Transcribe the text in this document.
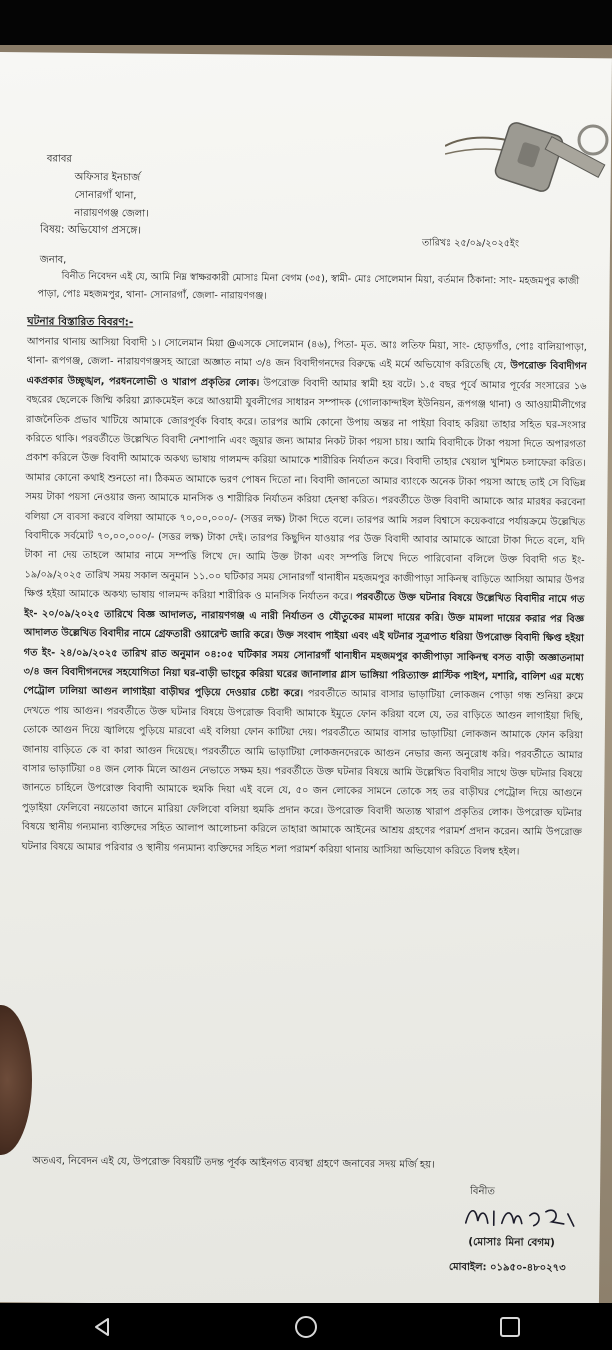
বরাবর
অফিসার ইনচার্জ
সোনারগাঁ থানা,
নারায়ণগঞ্জ জেলা।
তারিখঃ ২৫/০৯/২০২৫ইং
বিষয়: অভিযোগ প্রসঙ্গে।
জনাব,
বিনীত নিবেদন এই যে, আমি নিম্ন স্বাক্ষরকারী মোসাঃ মিনা বেগম (৩৫), স্বামী- মোঃ সোলেমান মিয়া, বর্তমান ঠিকানা: সাং- মহজমপুর কাজী পাড়া, পোঃ মহজমপুর, থানা- সোনারগাঁ, জেলা- নারায়ণগঞ্জ।
ঘটনার বিস্তারিত বিবরণ:-
আপনার থানায় আসিয়া বিবাদী ১। সোলেমান মিয়া @এসকে সোলেমান (৪৬), পিতা- মৃত. আঃ লতিফ মিয়া, সাং- হোড়গাঁও, পোঃ বালিয়াপাড়া, থানা- রূপগঞ্জ, জেলা- নারায়ণগঞ্জসহ আরো অজ্ঞাত নামা ৩/৪ জন বিবাদীগনদের বিরুদ্ধে এই মর্মে অভিযোগ করিতেছি যে, উপরোক্ত বিবাদীগন একপ্রকার উচ্ছৃঙ্খল, পরধনলোভী ও খারাপ প্রকৃতির লোক। উপরোক্ত বিবাদী আমার স্বামী হয় বটে। ১.৫ বছর পূর্বে আমার পূর্বের সংসারের ১৬ বছরের ছেলেকে জিম্মি করিয়া ব্ল্যাকমেইল করে আওয়ামী যুবলীগের সাধারন সম্পাদক (গোলাকান্দাইল ইউনিয়ন, রূপগঞ্জ থানা) ও আওয়ামীলীগের রাজনৈতিক প্রভাব খাটিয়ে আমাকে জোরপূর্বক বিবাহ করে। তারপর আমি কোনো উপায় অন্তর না পাইয়া বিবাহ করিয়া তাহার সহিত ঘর-সংসার করিতে থাকি। পরবর্তীতে উল্লেখিত বিবাদী নেশাপানি এবং জুয়ার জন্য আমার নিকট টাকা পয়সা চায়। আমি বিবাদীকে টাকা পয়সা দিতে অপারগতা প্রকাশ করিলে উক্ত বিবাদী আমাকে অকথ্য ভাষায় গালমন্দ করিয়া আমাকে শারীরিক নির্যাতন করে। বিবাদী তাহার খেয়াল খুশিমত চলাফেরা করিত। আমার কোনো কথাই শুনতো না। ঠিকমত আমাকে ভরণ পোষন দিতো না। বিবাদী জানতো আমার ব্যাংকে অনেক টাকা পয়সা আছে তাই সে বিভিন্ন সময় টাকা পয়সা নেওয়ার জন্য আমাকে মানসিক ও শারীরিক নির্যাতন করিয়া হেনস্থা করিত। পরবর্তীতে উক্ত বিবাদী আমাকে আর মারধর করবেনা বলিয়া সে ব্যবসা করবে বলিয়া আমাকে ৭০,০০,০০০/- (সত্তর লক্ষ) টাকা দিতে বলে। তারপর আমি সরল বিশ্বাসে কয়েকবারে পর্যায়ক্রমে উল্লেখিত বিবাদীকে সর্বমোট ৭০,০০,০০০/- (সত্তর লক্ষ) টাকা দেই। তারপর কিছুদিন যাওয়ার পর উক্ত বিবাদী আবার আমাকে আরো টাকা দিতে বলে, যদি টাকা না দেয় তাহলে আমার নামে সম্পত্তি লিখে দে। আমি উক্ত টাকা এবং সম্পত্তি লিখে দিতে পারিবোনা বলিলে উক্ত বিবাদী গত ইং- ১৯/০৯/২০২৫ তারিখ সময় সকাল অনুমান ১১.০০ ঘটিকার সময় সোনারগাঁ থানাধীন মহজমপুর কাজীপাড়া সাকিনস্থ বাড়িতে আসিয়া আমার উপর ক্ষিপ্ত হইয়া আমাকে অকথ্য ভাষায় গালমন্দ করিয়া শারীরিক ও মানসিক নির্যাতন করে। পরবর্তীতে উক্ত ঘটনার বিষয়ে উল্লেখিত বিবাদীর নামে গত ইং- ২০/০৯/২০২৫ তারিখে বিজ্ঞ আদালত, নারায়ণগঞ্জ এ নারী নির্যাতন ও যৌতুকের মামলা দায়ের করি। উক্ত মামলা দায়ের করার পর বিজ্ঞ আদালত উল্লেখিত বিবাদীর নামে গ্রেফতারী ওয়ারেন্ট জারি করে। উক্ত সংবাদ পাইয়া এবং এই ঘটনার সূত্রপাত ধরিয়া উপরোক্ত বিবাদী ক্ষিপ্ত হইয়া গত ইং- ২৪/০৯/২০২৫ তারিখ রাত অনুমান ০৪:০৫ ঘটিকার সময় সোনারগাঁ থানাধীন মহজমপুর কাজীপাড়া সাকিনস্থ বসত বাড়ী অজ্ঞাতনামা ৩/৪ জন বিবাদীগনদের সহযোগিতা নিয়া ঘর-বাড়ী ভাংচুর করিয়া ঘরের জানালার গ্লাস ভাঙ্গিয়া পরিত্যাক্ত প্লাস্টিক পাইপ, মশারি, বালিশ এর মধ্যে পেট্রোল ঢালিয়া আগুন লাগাইয়া বাড়ীঘর পুড়িয়ে দেওয়ার চেষ্টা করে। পরবর্তীতে আমার বাসার ভাড়াটিয়া লোকজন পোড়া গন্ধ শুনিয়া রুমে দেখতে পায় আগুন। পরবর্তীতে উক্ত ঘটনার বিষয়ে উপরোক্ত বিবাদী আমাকে ইমুতে ফোন করিয়া বলে যে, তর বাড়িতে আগুন লাগাইয়া দিছি, তোকে আগুন দিয়ে জ্বালিয়ে পুড়িয়ে মারবো এই বলিয়া ফোন কাটিয়া দেয়। পরবর্তীতে আমার বাসার ভাড়াটিয়া লোকজন আমাকে ফোন করিয়া জানায় বাড়িতে কে বা কারা আগুন দিয়েছে। পরবর্তীতে আমি ভাড়াটিয়া লোকজনদেরকে আগুন নেভার জন্য অনুরোধ করি। পরবর্তীতে আমার বাসার ভাড়াটিয়া ০৪ জন লোক মিলে আগুন নেভাতে সক্ষম হয়। পরবর্তীতে উক্ত ঘটনার বিষয়ে আমি উল্লেখিত বিবাদীর সাথে উক্ত ঘটনার বিষয়ে জানতে চাহিলে উপরোক্ত বিবাদী আমাকে হুমকি দিয়া এই বলে যে, ৫০ জন লোকের সামনে তোকে সহ তর বাড়ীঘর পেট্রোল দিয়ে আগুনে পুড়াইয়া ফেলিবো নয়তোবা জানে মারিয়া ফেলিবো বলিয়া হুমকি প্রদান করে। উপরোক্ত বিবাদী অত্যন্ত খারাপ প্রকৃতির লোক। উপরোক্ত ঘটনার বিষয়ে স্থানীয় গন্যমান্য ব্যক্তিদের সহিত আলাপ আলোচনা করিলে তাহারা আমাকে আইনের আশ্রয় গ্রহণের পরামর্শ প্রদান করেন। আমি উপরোক্ত ঘটনার বিষয়ে আমার পরিবার ও স্থানীয় গন্যমান্য ব্যক্তিদের সহিত শলা পরামর্শ করিয়া থানায় আসিয়া অভিযোগ করিতে বিলম্ব হইল।
অতএব, নিবেদন এই যে, উপরোক্ত বিষয়টি তদন্ত পূর্বক আইনগত ব্যবস্থা গ্রহণে জনাবের সদয় মর্জি হয়।
বিনীত
(মোসাঃ মিনা বেগম)
মোবাইল: ০১৯৫০-৪৮০২৭৩
